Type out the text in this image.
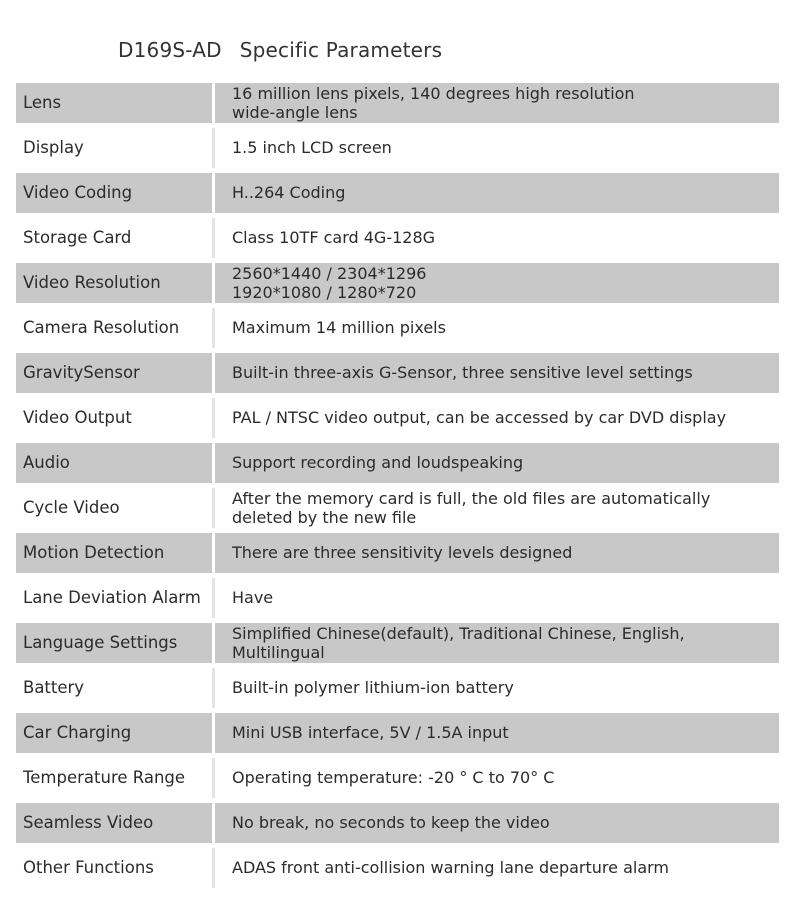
D169S-AD Specific Parameters
Lens	16 million lens pixels, 140 degrees high resolution
wide-angle lens
Display	1.5 inch LCD screen
Video Coding	H..264 Coding
Storage Card	Class 10TF card 4G-128G
Video Resolution	2560*1440 / 2304*1296
1920*1080 / 1280*720
Camera Resolution	Maximum 14 million pixels
GravitySensor	Built-in three-axis G-Sensor, three sensitive level settings
Video Output	PAL / NTSC video output, can be accessed by car DVD display
Audio	Support recording and loudspeaking
Cycle Video	After the memory card is full, the old files are automatically
deleted by the new file
Motion Detection	There are three sensitivity levels designed
Lane Deviation Alarm	Have
Language Settings	Simplified Chinese(default), Traditional Chinese, English,
Multilingual
Battery	Built-in polymer lithium-ion battery
Car Charging	Mini USB interface, 5V / 1.5A input
Temperature Range	Operating temperature: -20 ° C to 70° C
Seamless Video	No break, no seconds to keep the video
Other Functions	ADAS front anti-collision warning lane departure alarm
